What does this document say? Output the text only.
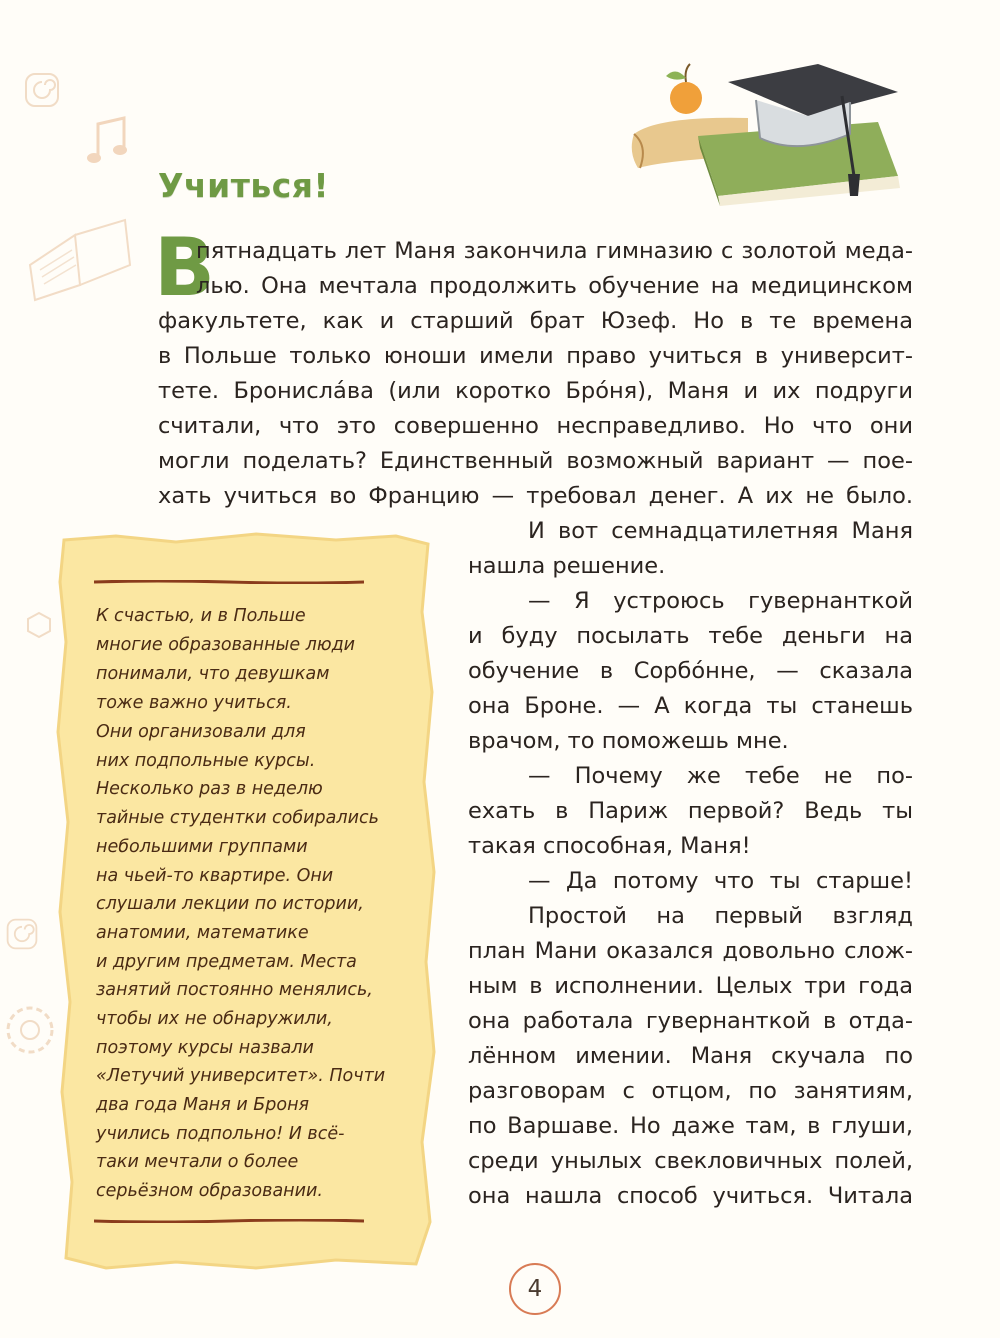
Учиться!
В
пятнадцать лет Маня закончила гимназию с золотой меда-
лью. Она мечтала продолжить обучение на медицинском
факультете, как и старший брат Юзеф. Но в те времена
в Польше только юноши имели право учиться в университ-
тете. Бронисла́ва (или коротко Бро́ня), Маня и их подруги
считали, что это совершенно несправедливо. Но что они
могли поделать? Единственный возможный вариант — пое-
хать учиться во Францию — требовал денег. А их не было.
И вот семнадцатилетняя Маня
нашла решение.
— Я устроюсь гувернанткой
и буду посылать тебе деньги на
обучение в Сорбо́нне, — сказала
она Броне. — А когда ты станешь
врачом, то поможешь мне.
— Почему же тебе не по-
ехать в Париж первой? Ведь ты
такая способная, Маня!
— Да потому что ты старше!
Простой на первый взгляд
план Мани оказался довольно слож-
ным в исполнении. Целых три года
она работала гувернанткой в отда-
лённом имении. Маня скучала по
разговорам с отцом, по занятиям,
по Варшаве. Но даже там, в глуши,
среди унылых свекловичных полей,
она нашла способ учиться. Читала
К счастью, и в Польше
многие образованные люди
понимали, что девушкам
тоже важно учиться.
Они организовали для
них подпольные курсы.
Несколько раз в неделю
тайные студентки собирались
небольшими группами
на чьей-то квартире. Они
слушали лекции по истории,
анатомии, математике
и другим предметам. Места
занятий постоянно менялись,
чтобы их не обнаружили,
поэтому курсы назвали
«Летучий университет». Почти
два года Маня и Броня
учились подпольно! И всё-
таки мечтали о более
серьёзном образовании.
4
